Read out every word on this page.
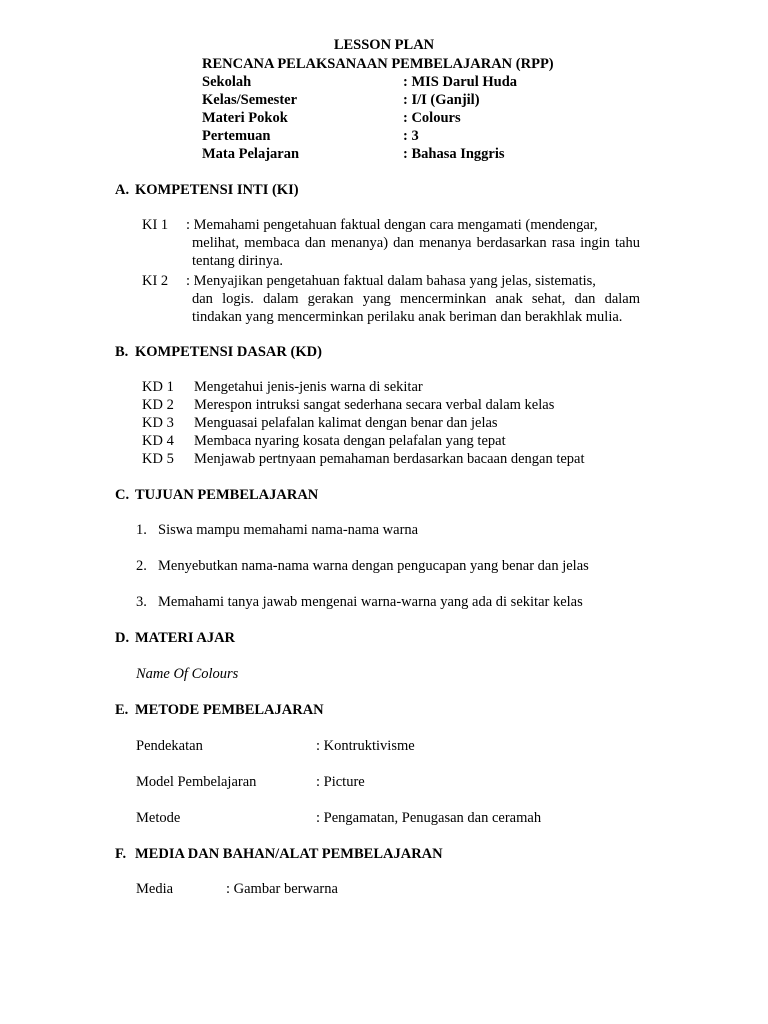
LESSON PLAN
RENCANA PELAKSANAAN PEMBELAJARAN (RPP)
Sekolah	: MIS Darul Huda
Kelas/Semester	: I/I (Ganjil)
Materi Pokok	: Colours
Pertemuan	: 3
Mata Pelajaran	: Bahasa Inggris
A. KOMPETENSI INTI (KI)
KI 1 : Memahami pengetahuan faktual dengan cara mengamati (mendengar,
melihat, membaca dan menanya) dan menanya berdasarkan rasa ingin tahu tentang dirinya.
KI 2 : Menyajikan pengetahuan faktual dalam bahasa yang jelas, sistematis,
dan logis. dalam gerakan yang mencerminkan anak sehat, dan dalam tindakan yang mencerminkan perilaku anak beriman dan berakhlak mulia.
B. KOMPETENSI DASAR (KD)
KD 1 Mengetahui jenis-jenis warna di sekitar
KD 2 Merespon intruksi sangat sederhana secara verbal dalam kelas
KD 3 Menguasai pelafalan kalimat dengan benar dan jelas
KD 4 Membaca nyaring kosata dengan pelafalan yang tepat
KD 5 Menjawab pertnyaan pemahaman berdasarkan bacaan dengan tepat
C. TUJUAN PEMBELAJARAN
1. Siswa mampu memahami nama-nama warna
2. Menyebutkan nama-nama warna dengan pengucapan yang benar dan jelas
3. Memahami tanya jawab mengenai warna-warna yang ada di sekitar kelas
D. MATERI AJAR
Name Of Colours
E. METODE PEMBELAJARAN
Pendekatan	: Kontruktivisme
Model Pembelajaran	: Picture
Metode	: Pengamatan, Penugasan dan ceramah
F. MEDIA DAN BAHAN/ALAT PEMBELAJARAN
Media	: Gambar berwarna
